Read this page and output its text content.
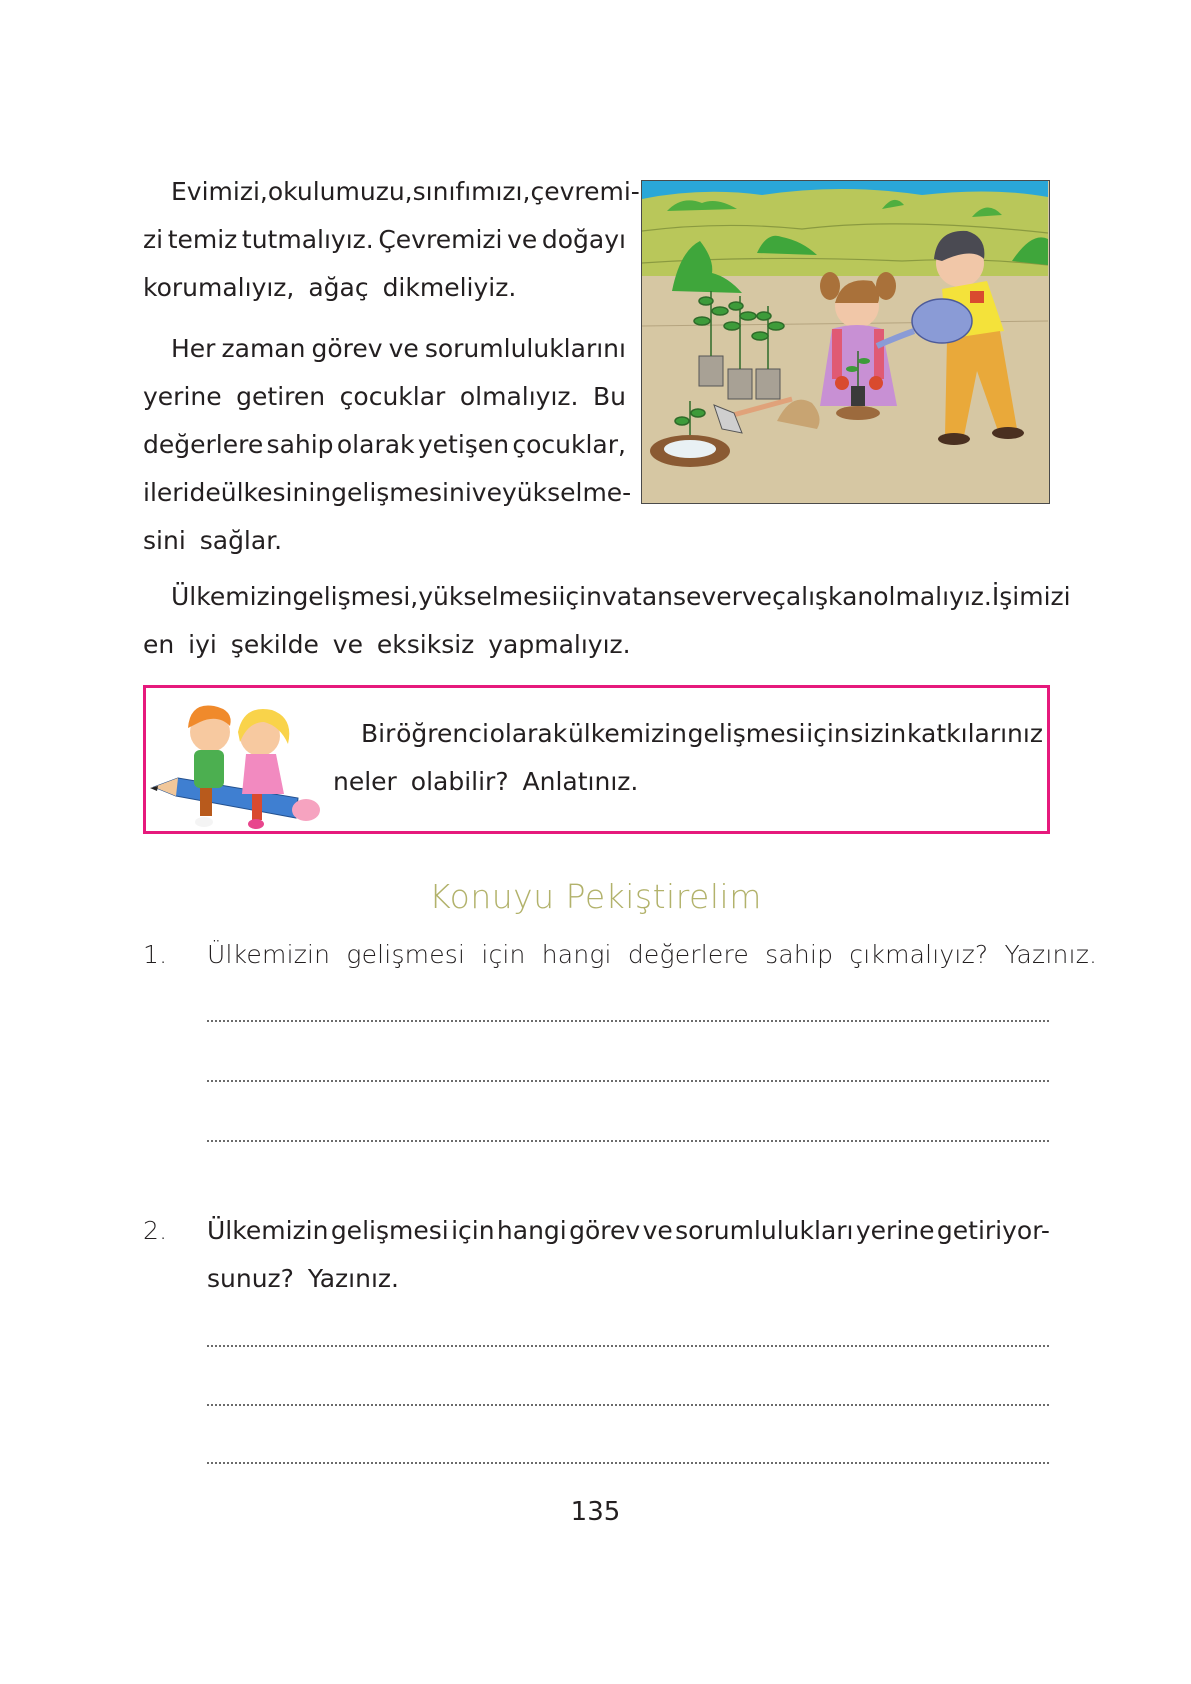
Evimizi, okulumuzu, sınıfımızı, çevremi-
zi temiz tutmalıyız. Çevremizi ve doğayı
korumalıyız, ağaç dikmeliyiz.
Her zaman görev ve sorumluluklarını
yerine getiren çocuklar olmalıyız. Bu
değerlere sahip olarak yetişen çocuklar,
ileride ülkesinin gelişmesini ve yükselme-
sini sağlar.
Ülkemizin gelişmesi, yükselmesi için vatansever ve çalışkan olmalıyız. İşimizi
en iyi şekilde ve eksiksiz yapmalıyız.
Bir öğrenci olarak ülkemizin gelişmesi için sizin katkılarınız
neler olabilir? Anlatınız.
Konuyu Pekiştirelim
1.	Ülkemizin gelişmesi için hangi değerlere sahip çıkmalıyız? Yazınız.
2.	Ülkemizin gelişmesi için hangi görev ve sorumlulukları yerine getiriyor-
sunuz? Yazınız.
135
